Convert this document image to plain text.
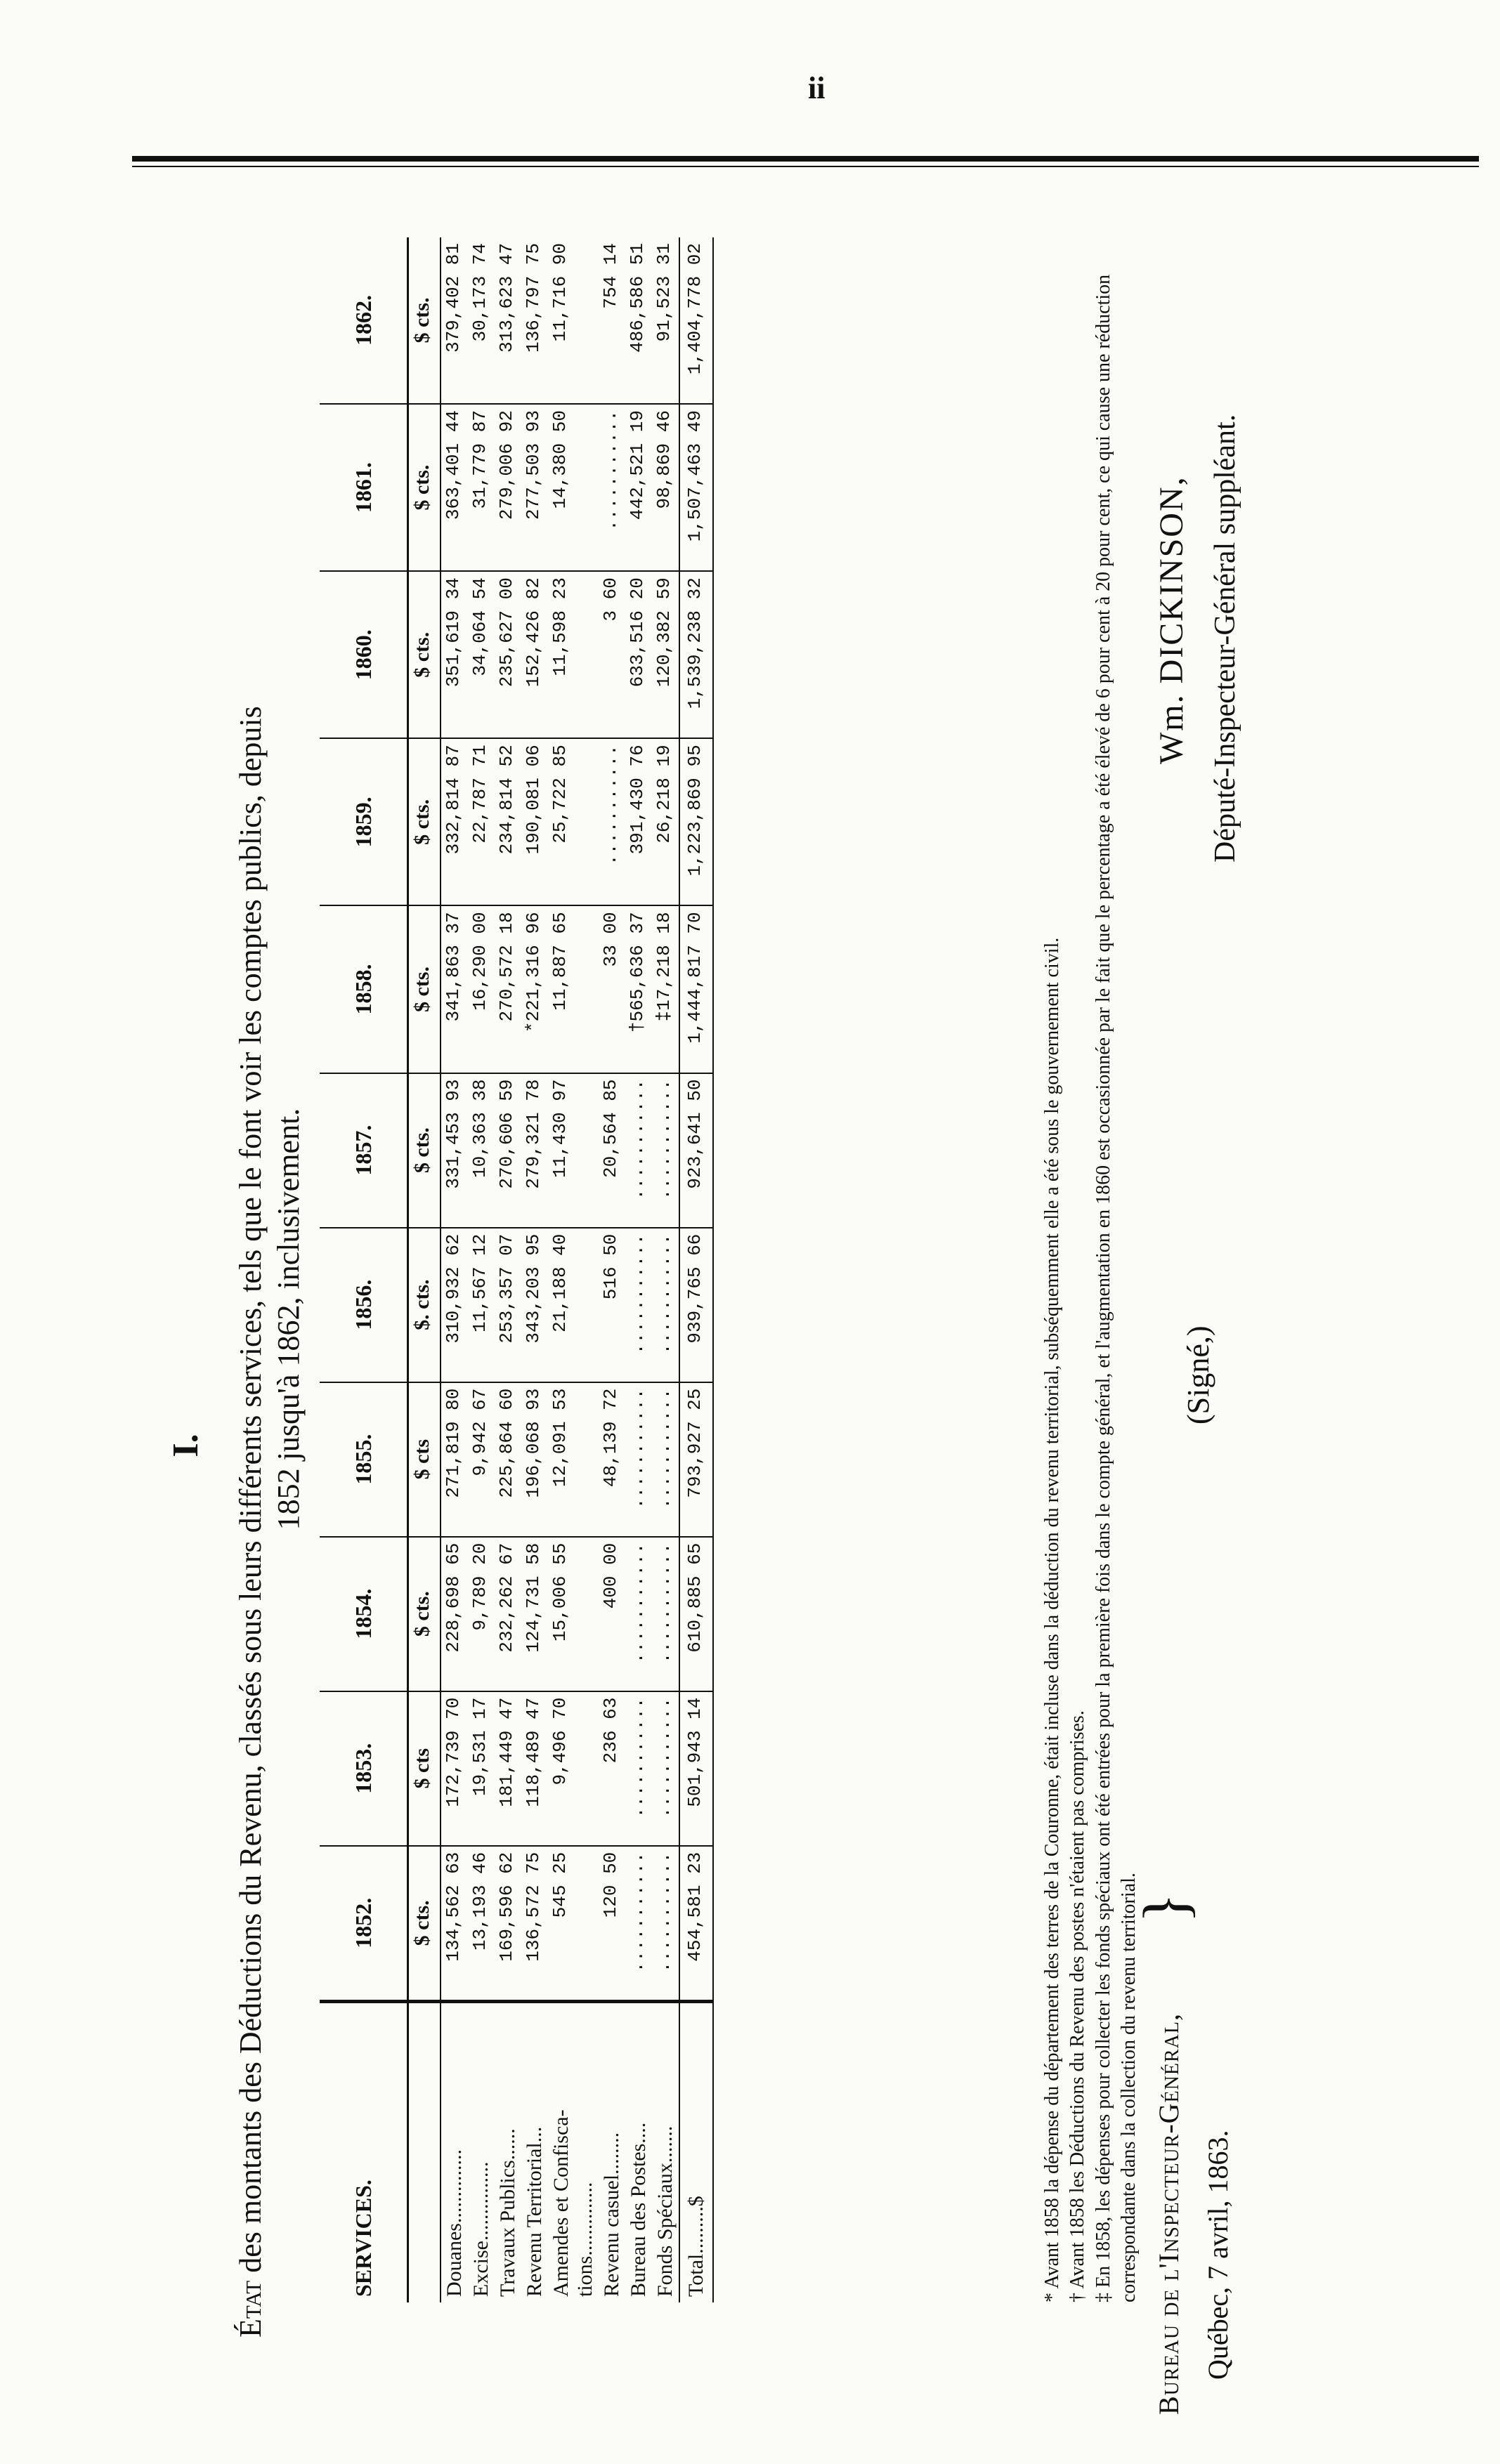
ii
I.
État des montants des Déductions du Revenu, classés sous leurs différents services, tels que le font voir les comptes publics, depuis 1852 jusqu'à 1862, inclusivement.
SERVICES.	1852.	1853.	1854.	1855.	1856.	1857.	1858.	1859.	1860.	1861.	1862.
	$ cts.	$ cts	$ cts.	$ cts	$. cts.	$ cts.	$ cts.	$ cts.	$ cts.	$ cts.	$ cts.
Douanes..............	134,562 63	172,739 70	228,698 65	271,819 80	310,932 62	331,453 93	341,863 37	332,814 87	351,619 34	363,401 44	379,402 81
Excise...............	13,193 46	19,531 17	9,789 20	9,942 67	11,567 12	10,363 38	16,290 00	22,787 71	34,064 54	31,779 87	30,173 74
Travaux Publics......	169,596 62	181,449 47	232,262 67	225,864 60	253,357 07	270,606 59	270,572 18	234,814 52	235,627 00	279,006 92	313,623 47
Revenu Territorial...	136,572 75	118,489 47	124,731 58	196,068 93	343,203 95	279,321 78	*221,316 96	190,081 06	152,426 82	277,503 93	136,797 75
Amendes et Confisca-
tions..............	545 25	9,496 70	15,006 55	12,091 53	21,188 40	11,430 97	11,887 65	25,722 85	11,598 23	14,380 50	11,716 90
Revenu casuel........	120 50	236 63	400 00	48,139 72	516 50	20,564 85	33 00	...........	3 60	...........	754 14
Bureau des Postes....	...........	...........	...........	...........	...........	...........	†565,636 37	391,430 76	633,516 20	442,521 19	486,586 51
Fonds Spéciaux.......	...........	...........	...........	...........	...........	...........	‡17,218 18	26,218 19	120,382 59	98,869 46	91,523 31
Total.........$	454,581 23	501,943 14	610,885 65	793,927 25	939,765 66	923,641 50	1,444,817 70	1,223,869 95	1,539,238 32	1,507,463 49	1,404,778 02

* Avant 1858 la dépense du département des terres de la Couronne, était incluse dans la déduction du revenu territorial, subséquemment elle a été sous le gouvernement civil. † Avant 1858 les Déductions du Revenu des postes n'étaient pas comprises. ‡ En 1858, les dépenses pour collecter les fonds spéciaux ont été entrées pour la première fois dans le compte général, et l'augmentation en 1860 est occasionnée par le fait que le percentage a été élevé de 6 pour cent à 20 pour cent, ce qui cause une réduction correspondante dans la collection du revenu territorial. Bureau de l'Inspecteur-Général,
}
Québec, 7 avril, 1863.
(Signé,)
Wm. DICKINSON, Député-Inspecteur-Général suppléant.
